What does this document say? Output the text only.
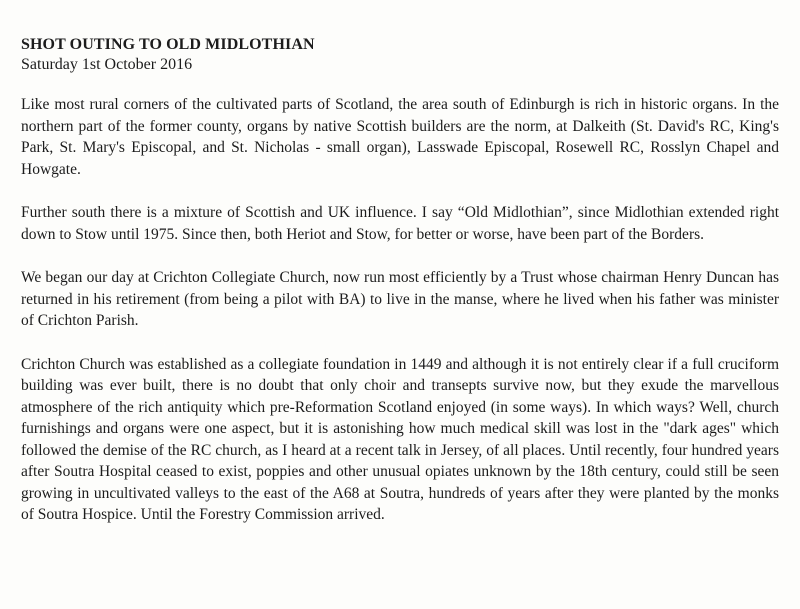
SHOT OUTING TO OLD MIDLOTHIAN

Saturday 1st October 2016

Like most rural corners of the cultivated parts of Scotland, the area south of Edinburgh is rich in historic organs. In the northern part of the former county, organs by native Scottish builders are the norm, at Dalkeith (St. David's RC, King's Park, St. Mary's Episcopal, and St. Nicholas - small organ), Lasswade Episcopal, Rosewell RC, Rosslyn Chapel and Howgate.

Further south there is a mixture of Scottish and UK influence. I say “Old Midlothian”, since Midlothian extended right down to Stow until 1975. Since then, both Heriot and Stow, for better or worse, have been part of the Borders.

We began our day at Crichton Collegiate Church, now run most efficiently by a Trust whose chairman Henry Duncan has returned in his retirement (from being a pilot with BA) to live in the manse, where he lived when his father was minister of Crichton Parish.

Crichton Church was established as a collegiate foundation in 1449 and although it is not entirely clear if a full cruciform building was ever built, there is no doubt that only choir and transepts survive now, but they exude the marvellous atmosphere of the rich antiquity which pre-Reformation Scotland enjoyed (in some ways). In which ways? Well, church furnishings and organs were one aspect, but it is astonishing how much medical skill was lost in the "dark ages" which followed the demise of the RC church, as I heard at a recent talk in Jersey, of all places. Until recently, four hundred years after Soutra Hospital ceased to exist, poppies and other unusual opiates unknown by the 18th century, could still be seen growing in uncultivated valleys to the east of the A68 at Soutra, hundreds of years after they were planted by the monks of Soutra Hospice. Until the Forestry Commission arrived.
